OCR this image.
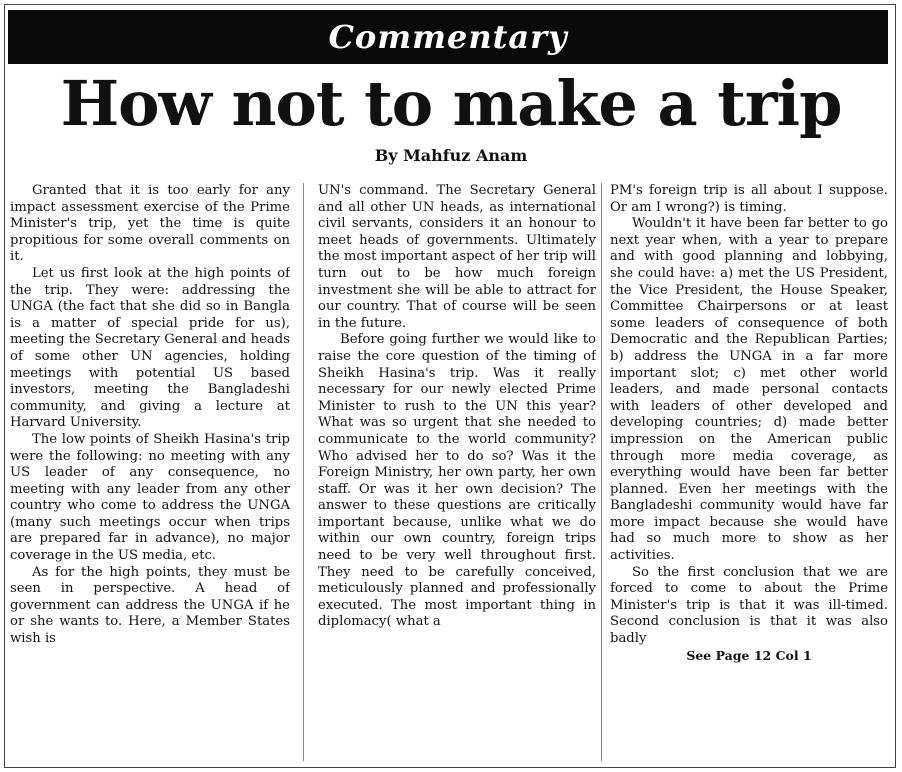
Commentary
How not to make a trip
By Mahfuz Anam

Granted that it is too early for any impact assessment exercise of the Prime Minister's trip, yet the time is quite propitious for some overall comments on it.

Let us first look at the high points of the trip. They were: addressing the UNGA (the fact that she did so in Bangla is a matter of special pride for us), meeting the Secretary General and heads of some other UN agencies, holding meetings with potential US based investors, meeting the Bangladeshi community, and giving a lecture at Harvard University.

The low points of Sheikh Hasina's trip were the following: no meeting with any US leader of any consequence, no meeting with any leader from any other country who come to address the UNGA (many such meetings occur when trips are prepared far in advance), no major coverage in the US media, etc.

As for the high points, they must be seen in perspective. A head of government can address the UNGA if he or she wants to. Here, a Member States wish is

UN's command. The Secretary General and all other UN heads, as international civil servants, considers it an honour to meet heads of governments. Ultimately the most important aspect of her trip will turn out to be how much foreign investment she will be able to attract for our country. That of course will be seen in the future.

Before going further we would like to raise the core question of the timing of Sheikh Hasina's trip. Was it really necessary for our newly elected Prime Minister to rush to the UN this year? What was so urgent that she needed to communicate to the world community? Who advised her to do so? Was it the Foreign Ministry, her own party, her own staff. Or was it her own decision? The answer to these questions are critically important because, unlike what we do within our own country, foreign trips need to be very well throughout first. They need to be carefully conceived, meticulously planned and professionally executed. The most important thing in diplomacy( what a

PM's foreign trip is all about I suppose. Or am I wrong?) is timing.

Wouldn't it have been far better to go next year when, with a year to prepare and with good planning and lobbying, she could have: a) met the US President, the Vice President, the House Speaker, Committee Chairpersons or at least some leaders of consequence of both Democratic and the Republican Parties; b) address the UNGA in a far more important slot; c) met other world leaders, and made personal contacts with leaders of other developed and developing countries; d) made better impression on the American public through more media coverage, as everything would have been far better planned. Even her meetings with the Bangladeshi community would have far more impact because she would have had so much more to show as her activities.

So the first conclusion that we are forced to come to about the Prime Minister's trip is that it was ill-timed. Second conclusion is that it was also badly

See Page 12 Col 1
